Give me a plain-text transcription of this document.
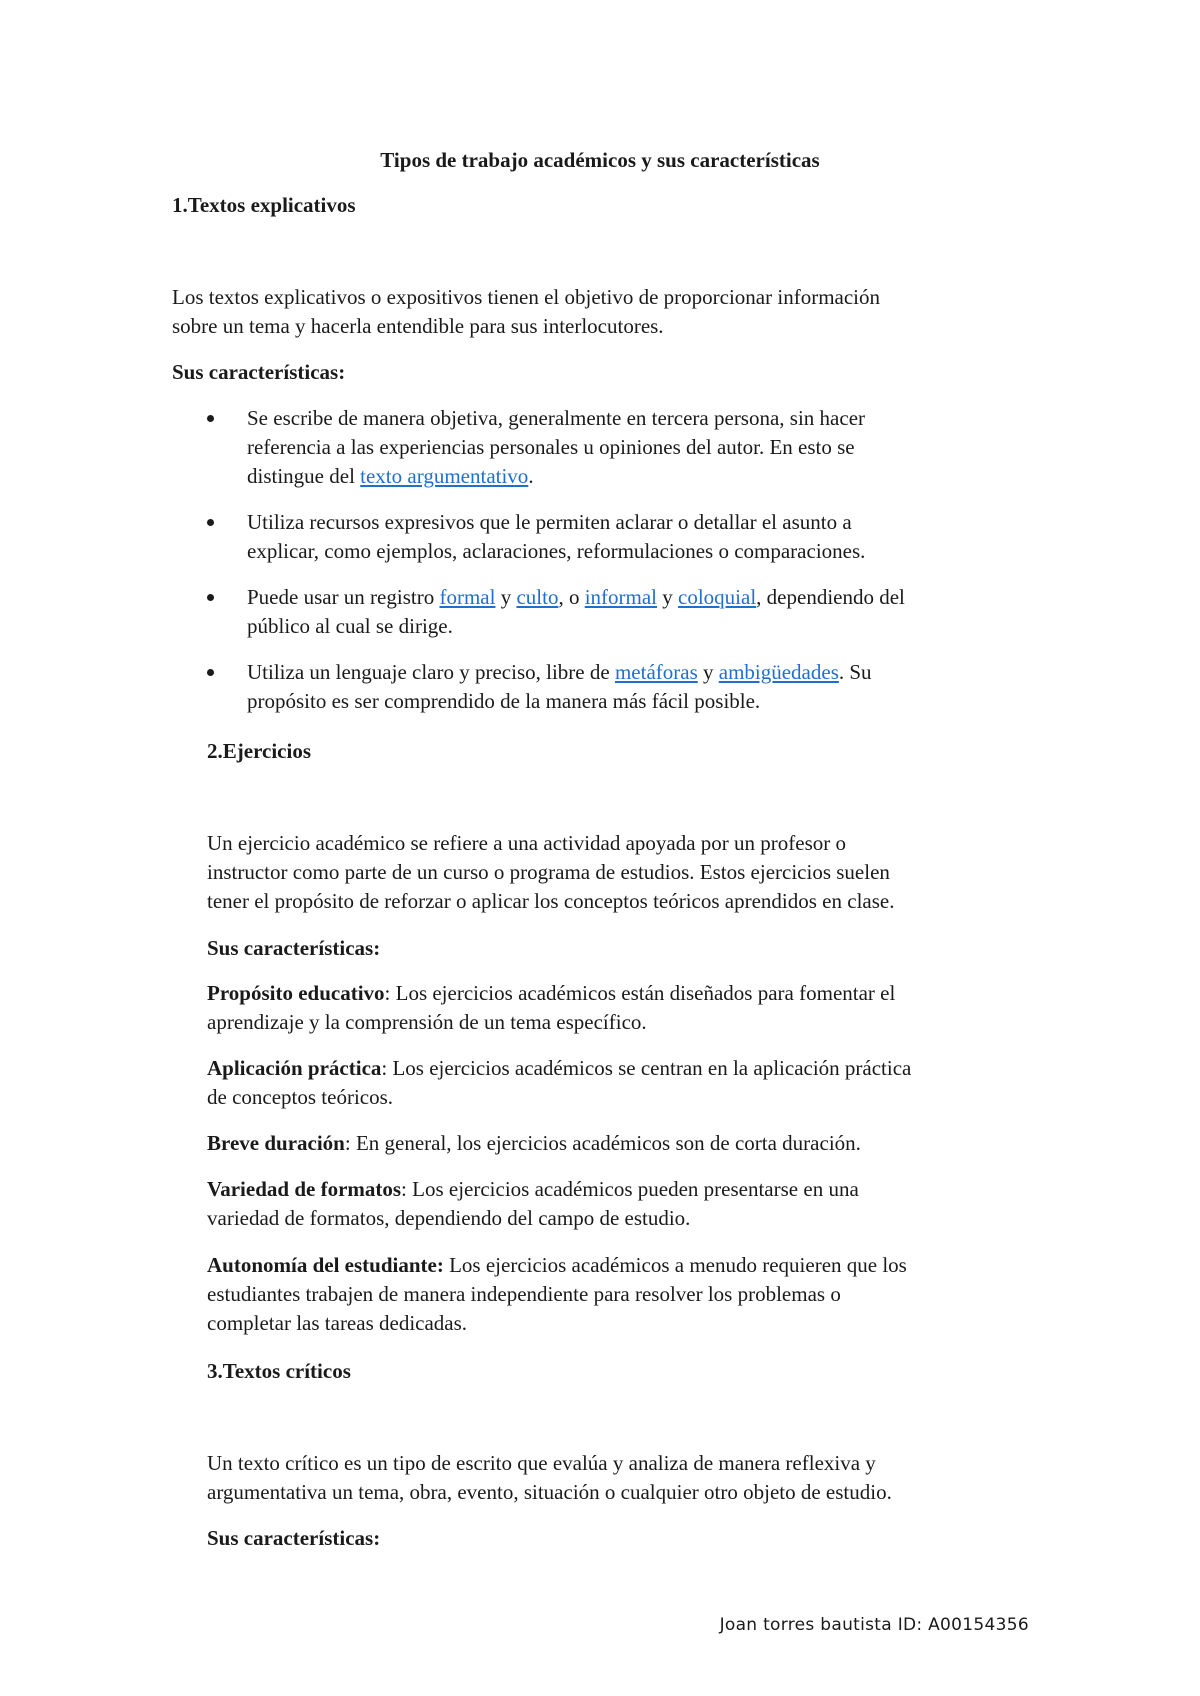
Tipos de trabajo académicos y sus características
1.Textos explicativos

Los textos explicativos o expositivos tienen el objetivo de proporcionar información
sobre un tema y hacerla entendible para sus interlocutores.

Sus características:

Se escribe de manera objetiva, generalmente en tercera persona, sin hacer
referencia a las experiencias personales u opiniones del autor. En esto se
distingue del texto argumentativo.
Utiliza recursos expresivos que le permiten aclarar o detallar el asunto a
explicar, como ejemplos, aclaraciones, reformulaciones o comparaciones.
Puede usar un registro formal y culto, o informal y coloquial, dependiendo del
público al cual se dirige.
Utiliza un lenguaje claro y preciso, libre de metáforas y ambigüedades. Su
propósito es ser comprendido de la manera más fácil posible.
2.Ejercicios

Un ejercicio académico se refiere a una actividad apoyada por un profesor o
instructor como parte de un curso o programa de estudios. Estos ejercicios suelen
tener el propósito de reforzar o aplicar los conceptos teóricos aprendidos en clase.

Sus características:

Propósito educativo: Los ejercicios académicos están diseñados para fomentar el
aprendizaje y la comprensión de un tema específico.

Aplicación práctica: Los ejercicios académicos se centran en la aplicación práctica
de conceptos teóricos.

Breve duración: En general, los ejercicios académicos son de corta duración.

Variedad de formatos: Los ejercicios académicos pueden presentarse en una
variedad de formatos, dependiendo del campo de estudio.

Autonomía del estudiante: Los ejercicios académicos a menudo requieren que los
estudiantes trabajen de manera independiente para resolver los problemas o
completar las tareas dedicadas.

3.Textos críticos

Un texto crítico es un tipo de escrito que evalúa y analiza de manera reflexiva y
argumentativa un tema, obra, evento, situación o cualquier otro objeto de estudio.

Sus características:

Joan torres bautista ID: A00154356
